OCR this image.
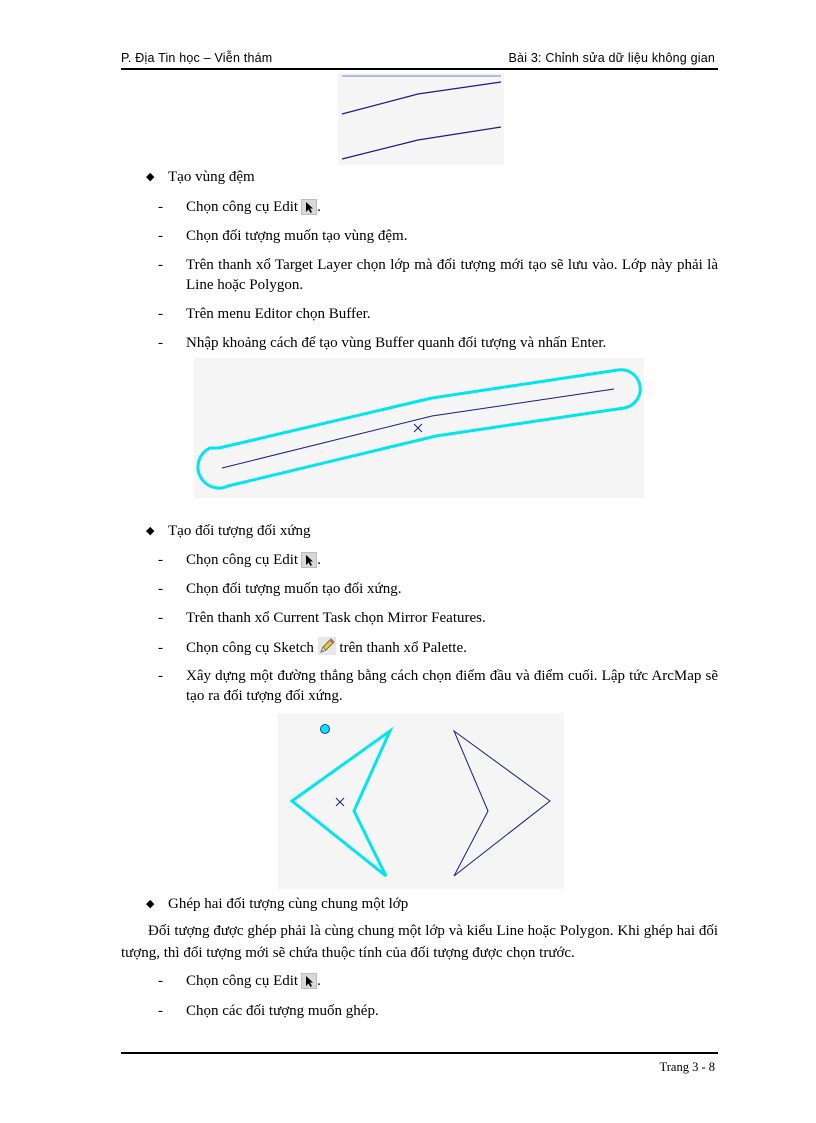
P. Địa Tin học – Viễn thám	Bài 3: Chỉnh sửa dữ liệu không gian
◆ Tạo vùng đệm
- Chọn công cụ Edit .
- Chọn đối tượng muốn tạo vùng đệm.
-	Trên thanh xổ Target Layer chọn lớp mà đối tượng mới tạo sẽ lưu vào. Lớp này phải là Line hoặc Polygon.
- Trên menu Editor chọn Buffer.
- Nhập khoảng cách để tạo vùng Buffer quanh đối tượng và nhấn Enter.
◆ Tạo đối tượng đối xứng
- Chọn công cụ Edit .
- Chọn đối tượng muốn tạo đối xứng.
- Trên thanh xổ Current Task chọn Mirror Features.
- Chọn công cụ Sketch trên thanh xổ Palette.
-	Xây dựng một đường thẳng bằng cách chọn điểm đầu và điểm cuối. Lập tức ArcMap sẽ tạo ra đối tượng đối xứng.
◆ Ghép hai đối tượng cùng chung một lớp
Đối tượng được ghép phải là cùng chung một lớp và kiểu Line hoặc Polygon. Khi ghép hai đối tượng, thì đối tượng mới sẽ chứa thuộc tính của đối tượng được chọn trước.
- Chọn công cụ Edit .
- Chọn các đối tượng muốn ghép.
Trang 3 - 8
